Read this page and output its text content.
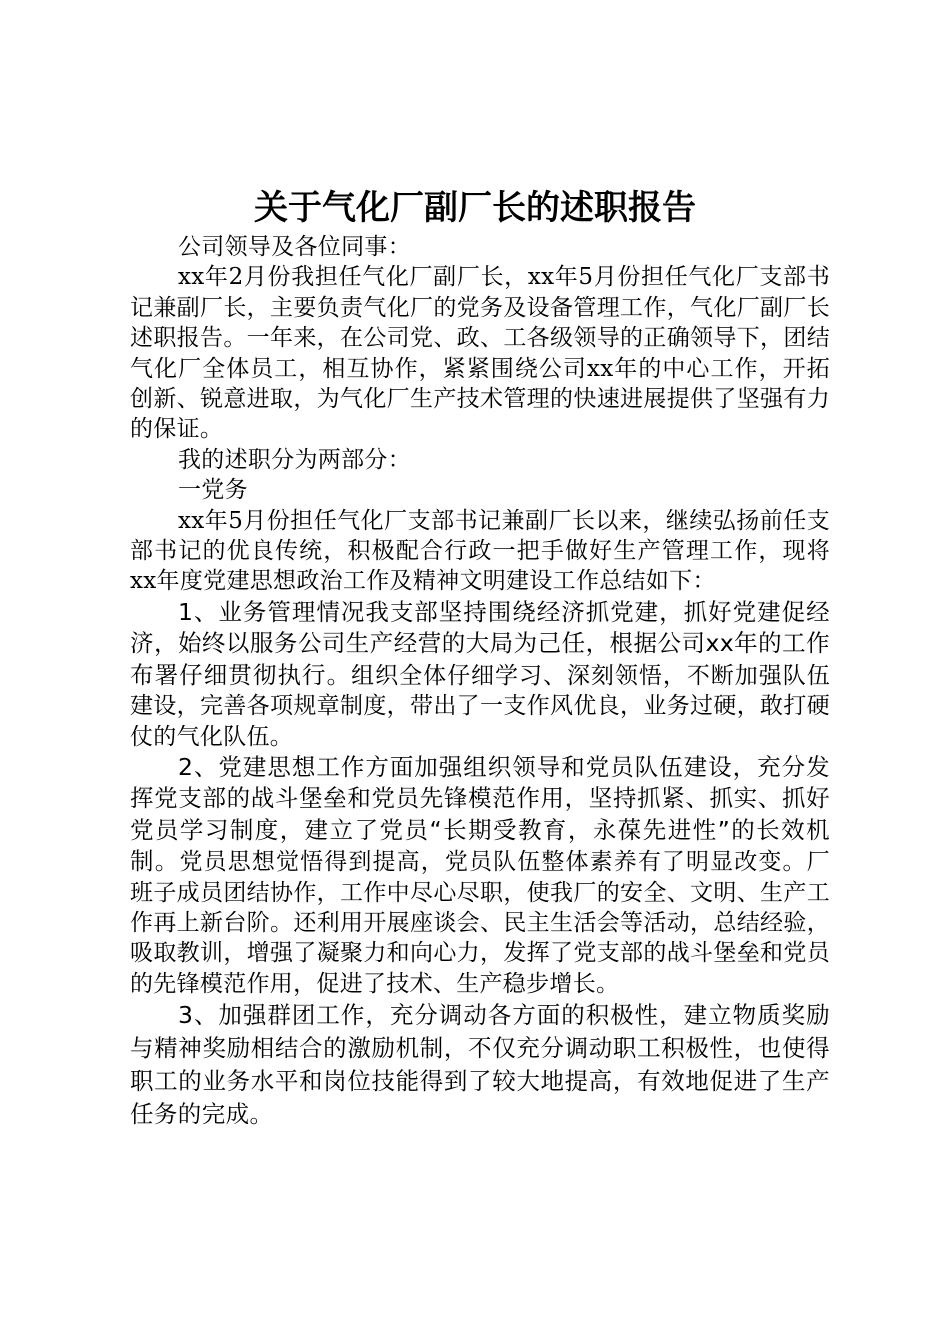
关于气化厂副厂长的述职报告

公司领导及各位同事：

xx年2月份我担任气化厂副厂长，xx年5月份担任气化厂支部书记兼副厂长，主要负责气化厂的党务及设备管理工作，气化厂副厂长述职报告。一年来，在公司党、政、工各级领导的正确领导下，团结气化厂全体员工，相互协作，紧紧围绕公司xx年的中心工作，开拓创新、锐意进取，为气化厂生产技术管理的快速进展提供了坚强有力的保证。

我的述职分为两部分：

一党务

xx年5月份担任气化厂支部书记兼副厂长以来，继续弘扬前任支部书记的优良传统，积极配合行政一把手做好生产管理工作，现将xx年度党建思想政治工作及精神文明建设工作总结如下：

1、业务管理情况我支部坚持围绕经济抓党建，抓好党建促经济，始终以服务公司生产经营的大局为己任，根据公司xx年的工作布署仔细贯彻执行。组织全体仔细学习、深刻领悟，不断加强队伍建设，完善各项规章制度，带出了一支作风优良，业务过硬，敢打硬仗的气化队伍。

2、党建思想工作方面加强组织领导和党员队伍建设，充分发挥党支部的战斗堡垒和党员先锋模范作用，坚持抓紧、抓实、抓好党员学习制度，建立了党员“长期受教育，永葆先进性”的长效机制。党员思想觉悟得到提高，党员队伍整体素养有了明显改变。厂班子成员团结协作，工作中尽心尽职，使我厂的安全、文明、生产工作再上新台阶。还利用开展座谈会、民主生活会等活动，总结经验，吸取教训，增强了凝聚力和向心力，发挥了党支部的战斗堡垒和党员的先锋模范作用，促进了技术、生产稳步增长。

3、加强群团工作，充分调动各方面的积极性，建立物质奖励与精神奖励相结合的激励机制，不仅充分调动职工积极性，也使得职工的业务水平和岗位技能得到了较大地提高，有效地促进了生产任务的完成。
